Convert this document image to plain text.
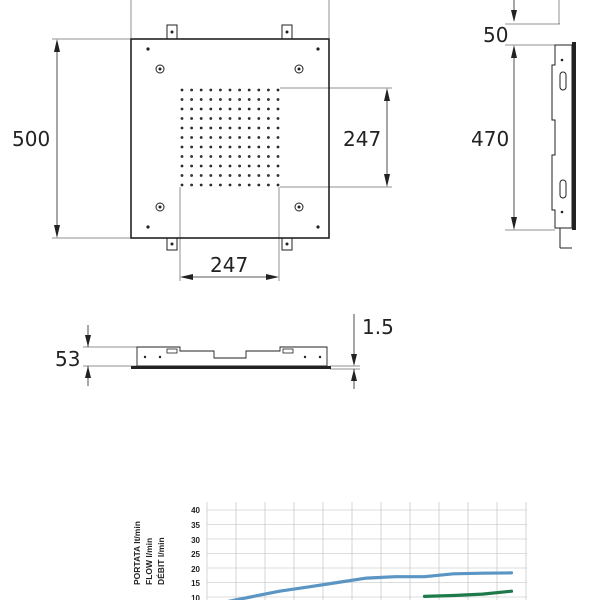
500	247
247
50
470
53
1.5
40
35
30
25
20
15
10
PORTATA lt/min FLOW l/min DÉBIT l/min
